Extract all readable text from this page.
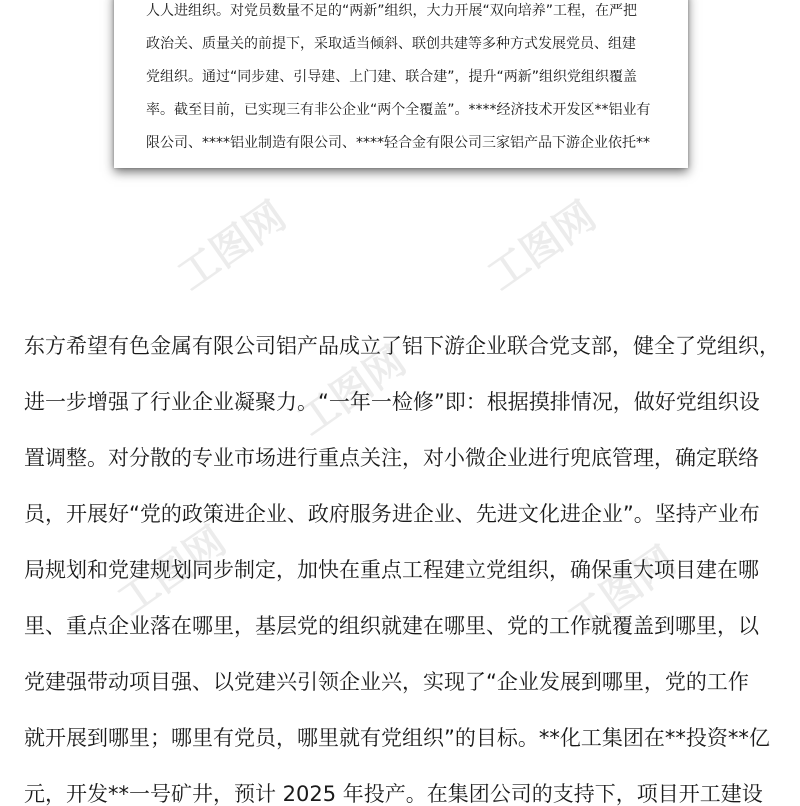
人人进组织。对党员数量不足的“两新”组织，大力开展“双向培养”工程，在严把
政治关、质量关的前提下，采取适当倾斜、联创共建等多种方式发展党员、组建
党组织。通过“同步建、引导建、上门建、联合建”，提升“两新”组织党组织覆盖
率。截至目前，已实现三有非公企业“两个全覆盖”。****经济技术开发区**铝业有
限公司、****铝业制造有限公司、****轻合金有限公司三家铝产品下游企业依托**
工图网	工图网
工图网
工图网	工图网
东方希望有色金属有限公司铝产品成立了铝下游企业联合党支部，健全了党组织，
进一步增强了行业企业凝聚力。“一年一检修”即：根据摸排情况，做好党组织设
置调整。对分散的专业市场进行重点关注，对小微企业进行兜底管理，确定联络
员，开展好“党的政策进企业、政府服务进企业、先进文化进企业”。坚持产业布
局规划和党建规划同步制定，加快在重点工程建立党组织，确保重大项目建在哪
里、重点企业落在哪里，基层党的组织就建在哪里、党的工作就覆盖到哪里，以
党建强带动项目强、以党建兴引领企业兴，实现了“企业发展到哪里，党的工作
就开展到哪里；哪里有党员，哪里就有党组织”的目标。**化工集团在**投资**亿
元，开发**一号矿井，预计 2025 年投产。在集团公司的支持下，项目开工建设
